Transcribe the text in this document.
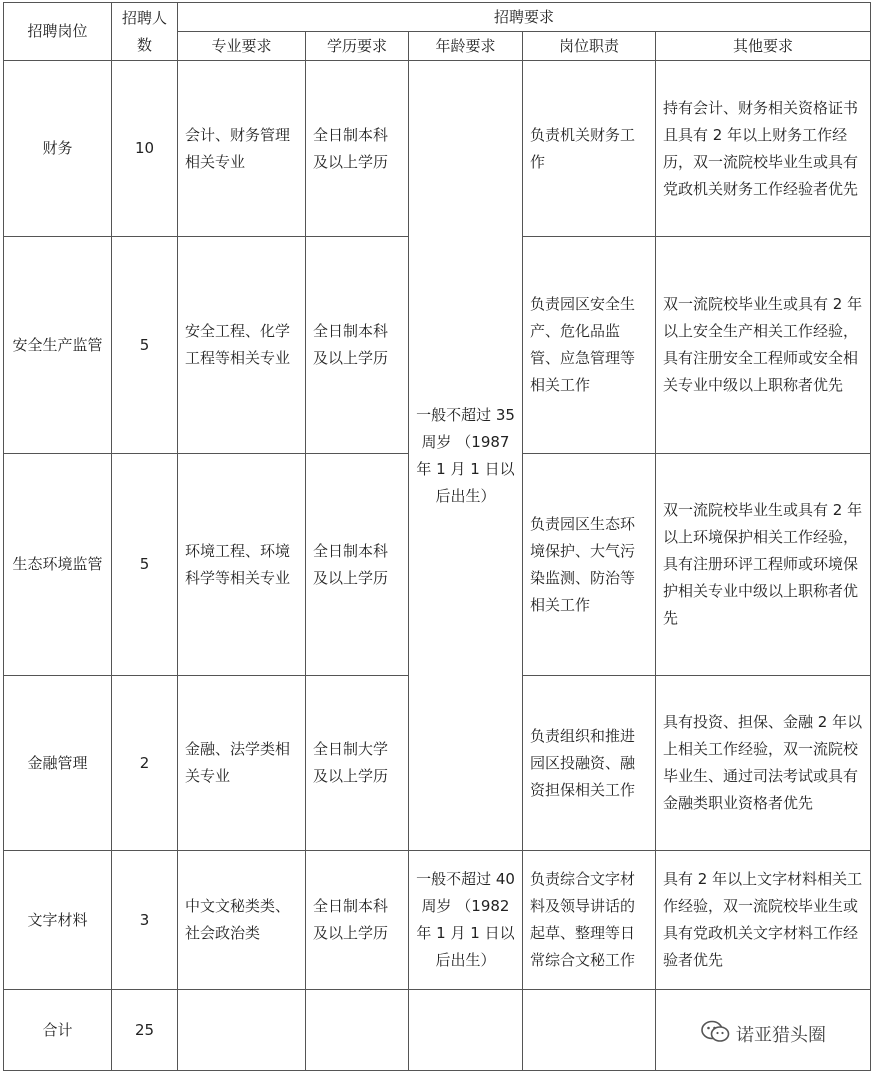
招聘岗位	招聘人数	招聘要求				
		专业要求	学历要求	年龄要求	岗位职责	其他要求
财务	10	会计、财务管理相关专业	全日制本科及以上学历	一般不超过 35 周岁 （1987 年 1 月 1 日以后出生）	负责机关财务工作	持有会计、财务相关资格证书且具有 2 年以上财务工作经历，双一流院校毕业生或具有党政机关财务工作经验者优先
安全生产监管	5	安全工程、化学工程等相关专业	全日制本科及以上学历		负责园区安全生产、危化品监管、应急管理等相关工作	双一流院校毕业生或具有 2 年以上安全生产相关工作经验，具有注册安全工程师或安全相关专业中级以上职称者优先
生态环境监管	5	环境工程、环境科学等相关专业	全日制本科及以上学历		负责园区生态环境保护、大气污染监测、防治等相关工作	双一流院校毕业生或具有 2 年以上环境保护相关工作经验，具有注册环评工程师或环境保护相关专业中级以上职称者优先
金融管理	2	金融、法学类相关专业	全日制大学及以上学历		负责组织和推进园区投融资、融资担保相关工作	具有投资、担保、金融 2 年以上相关工作经验，双一流院校毕业生、通过司法考试或具有金融类职业资格者优先
文字材料	3	中文文秘类类、社会政治类	全日制本科及以上学历	一般不超过 40 周岁 （1982 年 1 月 1 日以后出生）	负责综合文字材料及领导讲话的起草、整理等日常综合文秘工作	具有 2 年以上文字材料相关工作经验，双一流院校毕业生或具有党政机关文字材料工作经验者优先
合计	25						诺亚猎头圈
